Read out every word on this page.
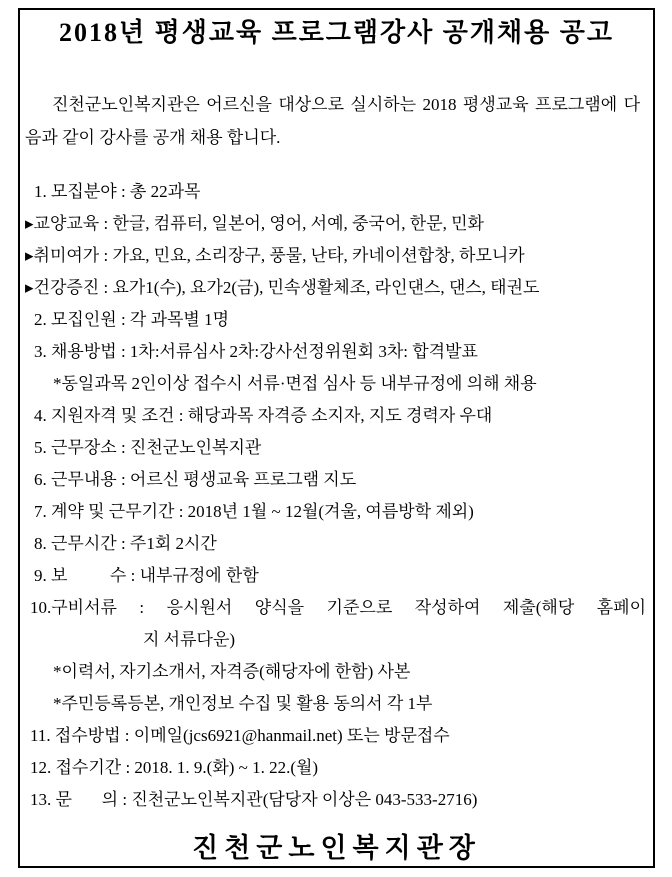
2018년 평생교육 프로그램강사 공개채용 공고

진천군노인복지관은 어르신을 대상으로 실시하는 2018 평생교육 프로그램에 다음과 같이 강사를 공개 채용 합니다.

1. 모집분야 : 총 22과목
▸교양교육 : 한글, 컴퓨터, 일본어, 영어, 서예, 중국어, 한문, 민화
▸취미여가 : 가요, 민요, 소리장구, 풍물, 난타, 카네이션합창, 하모니카
▸건강증진 : 요가1(수), 요가2(금), 민속생활체조, 라인댄스, 댄스, 태권도
2. 모집인원 : 각 과목별 1명
3. 채용방법 : 1차:서류심사 2차:강사선정위원회 3차: 합격발표
*동일과목 2인이상 접수시 서류·면접 심사 등 내부규정에 의해 채용
4. 지원자격 및 조건 : 해당과목 자격증 소지자, 지도 경력자 우대
5. 근무장소 : 진천군노인복지관
6. 근무내용 : 어르신 평생교육 프로그램 지도
7. 계약 및 근무기간 : 2018년 1월 ~ 12월(겨울, 여름방학 제외)
8. 근무시간 : 주1회 2시간
9. 보          수 : 내부규정에 한함
10.구비서류 : 응시원서 양식을 기준으로 작성하여 제출(해당 홈페이
지 서류다운)
*이력서, 자기소개서, 자격증(해당자에 한함) 사본
*주민등록등본, 개인정보 수집 및 활용 동의서 각 1부
11. 접수방법 : 이메일(jcs6921@hanmail.net) 또는 방문접수
12. 접수기간 : 2018. 1. 9.(화) ~ 1. 22.(월)
13. 문       의 : 진천군노인복지관(담당자 이상은 043-533-2716)
진천군노인복지관장
